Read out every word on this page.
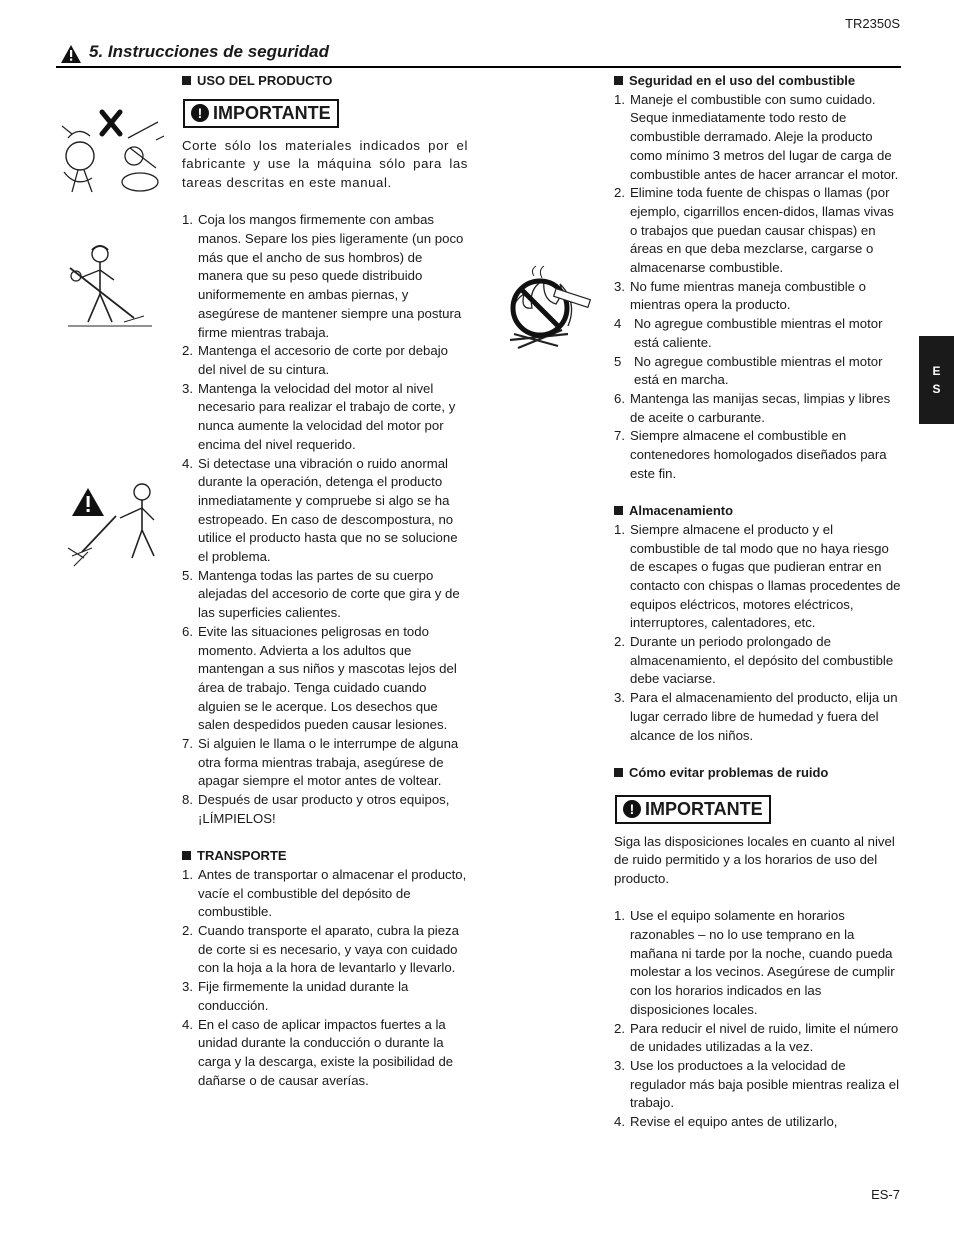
TR2350S
5. Instrucciones de seguridad

USO DEL PRODUCTO

! IMPORTANTE

Corte sólo los materiales indicados por el fabricante y use la máquina sólo para las tareas descritas en este manual.

1. Coja los mangos firmemente con ambas manos. Separe los pies ligeramente (un poco más que el ancho de sus hombros) de manera que su peso quede distribuido uniformemente en ambas piernas, y asegúrese de mantener siempre una postura firme mientras trabaja.
2. Mantenga el accesorio de corte por debajo del nivel de su cintura.
3. Mantenga la velocidad del motor al nivel necesario para realizar el trabajo de corte, y nunca aumente la velocidad del motor por encima del nivel requerido.
4. Si detectase una vibración o ruido anormal durante la operación, detenga el producto inmediatamente y compruebe si algo se ha estropeado. En caso de descompostura, no utilice el producto hasta que no se solucione el problema.
5. Mantenga todas las partes de su cuerpo alejadas del accesorio de corte que gira y de las superficies calientes.
6. Evite las situaciones peligrosas en todo momento. Advierta a los adultos que mantengan a sus niños y mascotas lejos del área de trabajo. Tenga cuidado cuando alguien se le acerque. Los desechos que salen despedidos pueden causar lesiones.
7. Si alguien le llama o le interrumpe de alguna otra forma mientras trabaja, asegúrese de apagar siempre el motor antes de voltear.
8. Después de usar producto y otros equipos, ¡LÍMPIELOS!

TRANSPORTE

1. Antes de transportar o almacenar el producto, vacíe el combustible del depósito de combustible.
2. Cuando transporte el aparato, cubra la pieza de corte si es necesario, y vaya con cuidado con la hoja a la hora de levantarlo y llevarlo.
3. Fije firmemente la unidad durante la conducción.
4. En el caso de aplicar impactos fuertes a la unidad durante la conducción o durante la carga y la descarga, existe la posibilidad de dañarse o de causar averías.

Seguridad en el uso del combustible

1. Maneje el combustible con sumo cuidado. Seque inmediatamente todo resto de combustible derramado. Aleje la producto como mínimo 3 metros del lugar de carga de combustible antes de hacer arrancar el motor.
2. Elimine toda fuente de chispas o llamas (por ejemplo, cigarrillos encen-didos, llamas vivas o trabajos que puedan causar chispas) en áreas en que deba mezclarse, cargarse o almacenarse combustible.
3. No fume mientras maneja combustible o mientras opera la producto.
4 No agregue combustible mientras el motor está caliente.
5 No agregue combustible mientras el motor está en marcha.
6. Mantenga las manijas secas, limpias y libres de aceite o carburante.
7. Siempre almacene el combustible en contenedores homologados diseñados para este fin.

Almacenamiento

1. Siempre almacene el producto y el combustible de tal modo que no haya riesgo de escapes o fugas que pudieran entrar en contacto con chispas o llamas procedentes de equipos eléctricos, motores eléctricos, interruptores, calentadores, etc.
2. Durante un periodo prolongado de almacenamiento, el depósito del combustible debe vaciarse.
3. Para el almacenamiento del producto, elija un lugar cerrado libre de humedad y fuera del alcance de los niños.

Cómo evitar problemas de ruido

! IMPORTANTE

Siga las disposiciones locales en cuanto al nivel de ruido permitido y a los horarios de uso del producto.

1. Use el equipo solamente en horarios razonables – no lo use temprano en la mañana ni tarde por la noche, cuando pueda molestar a los vecinos. Asegúrese de cumplir con los horarios indicados en las disposiciones locales.
2. Para reducir el nivel de ruido, limite el número de unidades utilizadas a la vez.
3. Use los productoes a la velocidad de regulador más baja posible mientras realiza el trabajo.
4. Revise el equipo antes de utilizarlo,
E
S
ES-7
